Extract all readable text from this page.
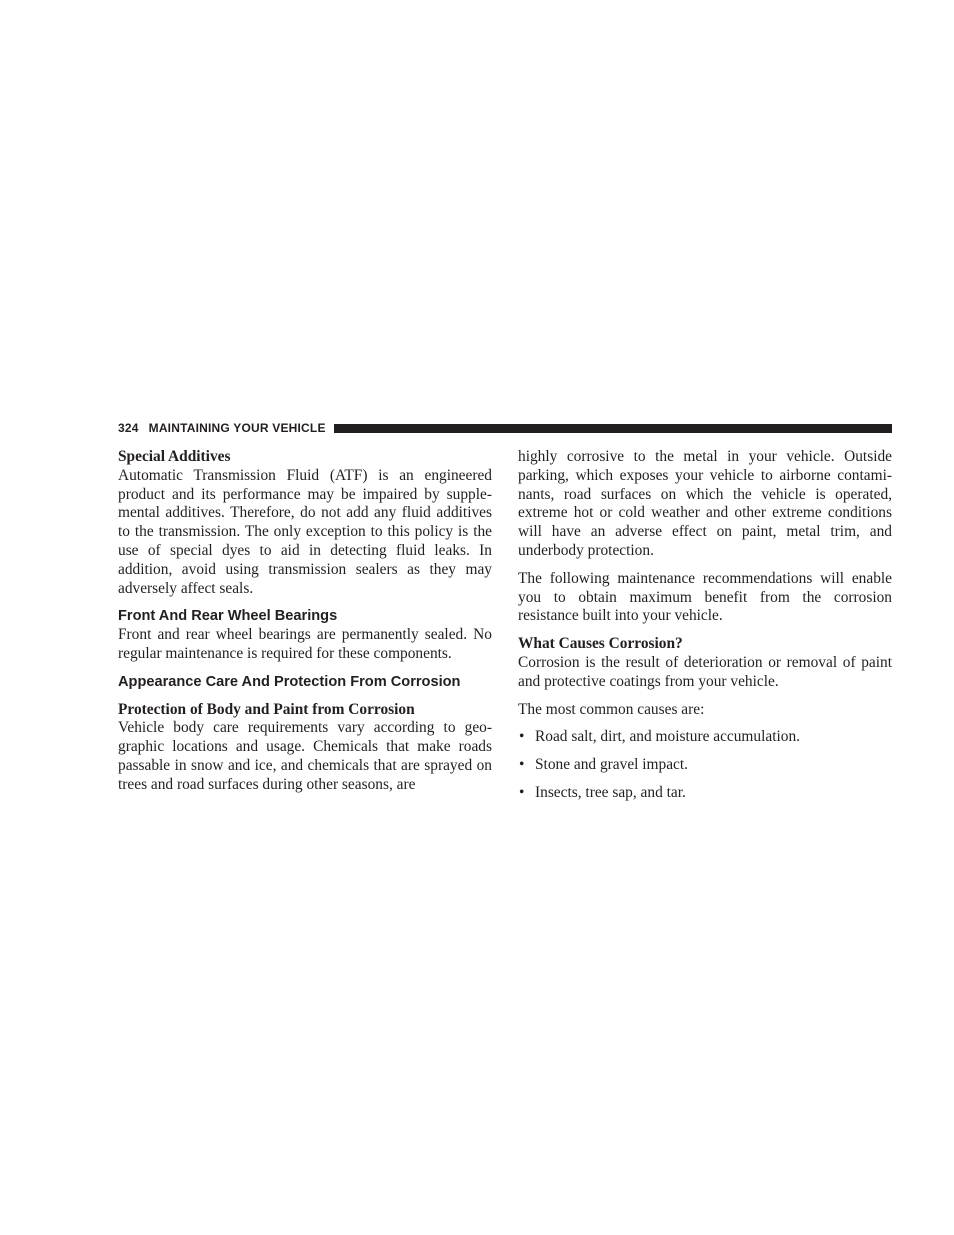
324 MAINTAINING YOUR VEHICLE
Special Additives

Automatic Transmission Fluid (ATF) is an engineered product and its performance may be impaired by supplemental additives. Therefore, do not add any fluid additives to the transmission. The only exception to this policy is the use of special dyes to aid in detecting fluid leaks. In addition, avoid using transmission sealers as they may adversely affect seals.

Front And Rear Wheel Bearings

Front and rear wheel bearings are permanently sealed. No regular maintenance is required for these components.

Appearance Care And Protection From Corrosion
Protection of Body and Paint from Corrosion

Vehicle body care requirements vary according to geographic locations and usage. Chemicals that make roads passable in snow and ice, and chemicals that are sprayed on trees and road surfaces during other seasons, are

highly corrosive to the metal in your vehicle. Outside parking, which exposes your vehicle to airborne contaminants, road surfaces on which the vehicle is operated, extreme hot or cold weather and other extreme conditions will have an adverse effect on paint, metal trim, and underbody protection.

The following maintenance recommendations will enable you to obtain maximum benefit from the corrosion resistance built into your vehicle.

What Causes Corrosion?

Corrosion is the result of deterioration or removal of paint and protective coatings from your vehicle.

The most common causes are:

• Road salt, dirt, and moisture accumulation.
• Stone and gravel impact.
• Insects, tree sap, and tar.
